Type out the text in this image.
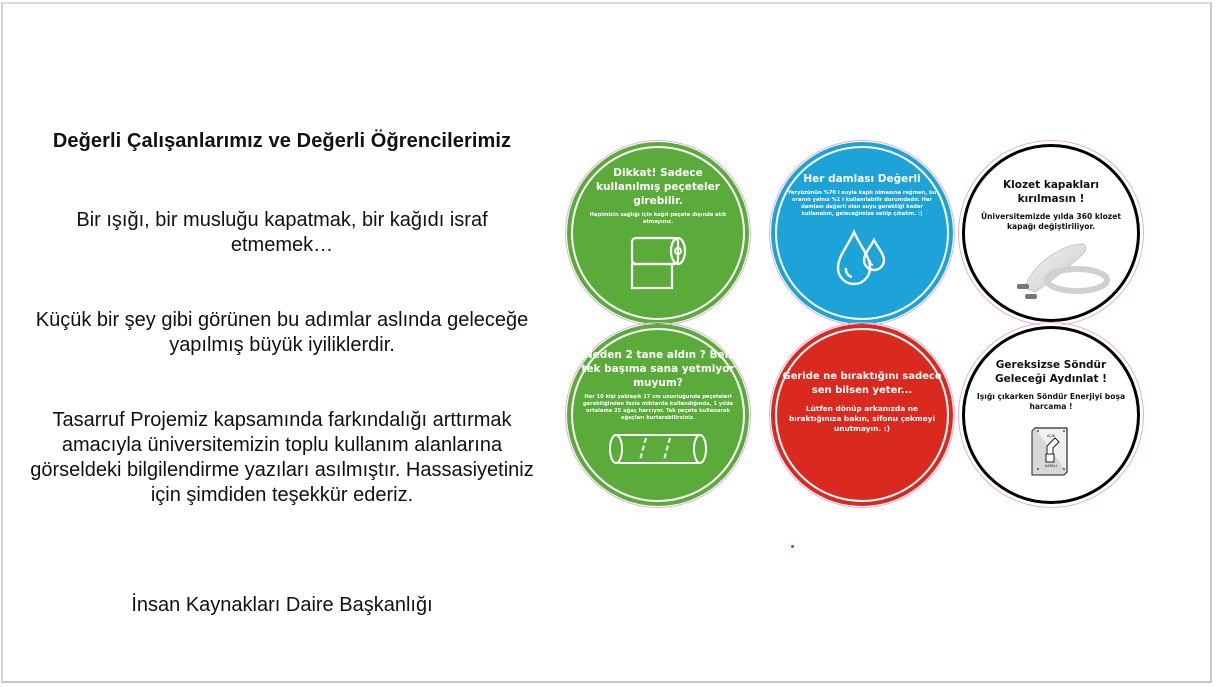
Değerli Çalışanlarımız ve Değerli Öğrencilerimiz
Bir ışığı, bir musluğu kapatmak, bir kağıdı israf etmemek…
Küçük bir şey gibi görünen bu adımlar aslında geleceğe yapılmış büyük iyiliklerdir.
Tasarruf Projemiz kapsamında farkındalığı arttırmak amacıyla üniversitemizin toplu kullanım alanlarına görseldeki bilgilendirme yazıları asılmıştır. Hassasiyetiniz için şimdiden teşekkür ederiz.
İnsan Kaynakları Daire Başkanlığı
Dikkat! Sadece kullanılmış peçeteler girebilir.
Hepimizin sağlığı için kağıt peçete dışında atık atmayınız.
Her damlası Değerli
Yeryüzünün %70 i suyla kaplı olmasına rağmen, bu oranın yalnız %1 i kullanılabilir durumdadır. Her damlası değerli olan suyu gerektiği kadar kullanalım, geleceğimize sahip çıkalım. :)
Klozet kapakları kırılmasın !
Üniversitemizde yılda 360 klozet kapağı değiştiriliyor.
Neden 2 tane aldın ? Ben tek başıma sana yetmiyor muyum?
Her 10 kişi yaklaşık 17 cm uzunluğunda peçeteleri gerektiğinden fazla miktarda kullandığında, 1 yılda ortalama 25 ağaç harcıyor. Tek peçete kullanarak ağaçları kurtarabilirsiniz.
Geride ne bıraktığını sadece sen bilsen yeter...
Lütfen dönüp arkanızda ne bıraktığınıza bakın, sifonu çekmeyi unutmayın. :)
Gereksizse Söndür Geleceği Aydınlat !
Işığı çıkarken Söndür Enerjiyi boşa harcama !
AÇIK
KAPALI
